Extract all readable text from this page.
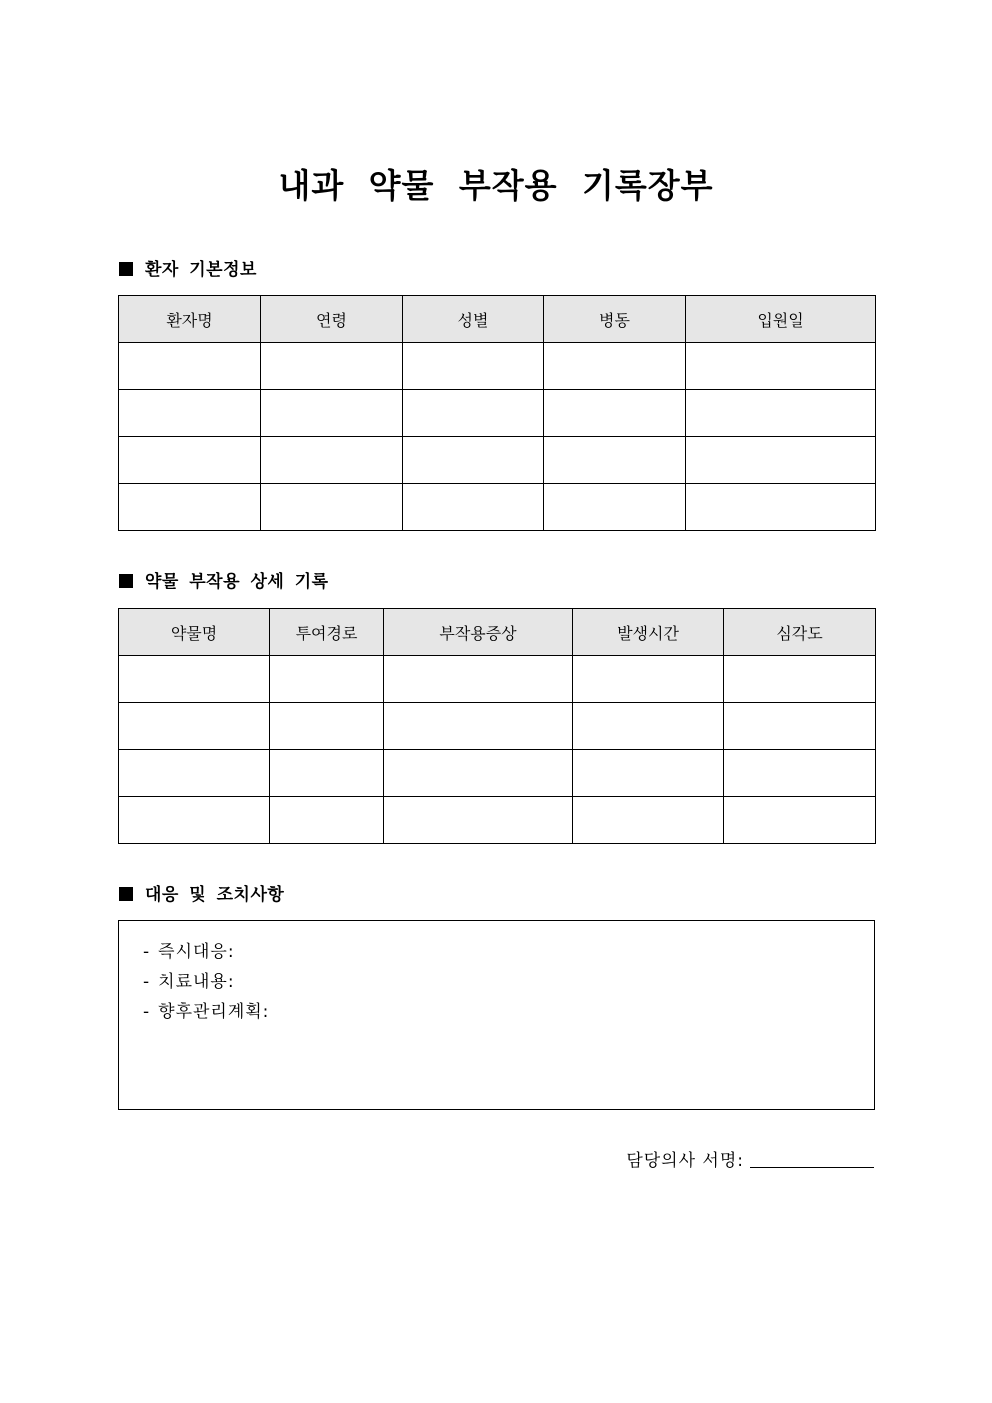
내과 약물 부작용 기록장부
환자 기본정보
환자명	연령	성별	병동	입원일

약물 부작용 상세 기록
약물명	투여경로	부작용증상	발생시간	심각도

대응 및 조치사항
- 즉시대응:
- 치료내용:
- 향후관리계획:
담당의사 서명:
